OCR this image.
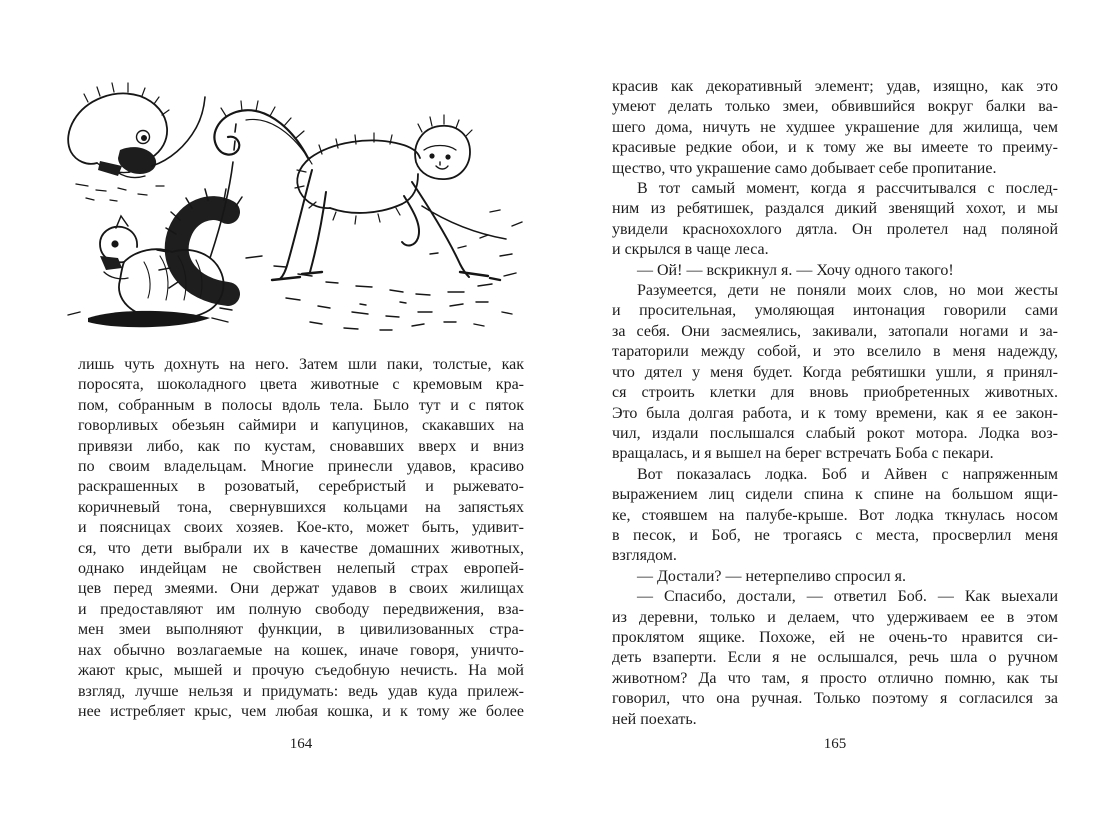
лишь чуть дохнуть на него. Затем шли паки, толстые, как
поросята, шоколадного цвета животные с кремовым кра-
пом, собранным в полосы вдоль тела. Было тут и с пяток
говорливых обезьян саймири и капуцинов, скакавших на
привязи либо, как по кустам, сновавших вверх и вниз
по своим владельцам. Многие принесли удавов, красиво
раскрашенных в розоватый, серебристый и рыжевато-
коричневый тона, свернувшихся кольцами на запястьях
и поясницах своих хозяев. Кое-кто, может быть, удивит-
ся, что дети выбрали их в качестве домашних животных,
однако индейцам не свойствен нелепый страх европей-
цев перед змеями. Они держат удавов в своих жилищах
и предоставляют им полную свободу передвижения, вза-
мен змеи выполняют функции, в цивилизованных стра-
нах обычно возлагаемые на кошек, иначе говоря, уничто-
жают крыс, мышей и прочую съедобную нечисть. На мой
взгляд, лучше нельзя и придумать: ведь удав куда прилеж-
нее истребляет крыс, чем любая кошка, и к тому же более
красив как декоративный элемент; удав, изящно, как это
умеют делать только змеи, обвившийся вокруг балки ва-
шего дома, ничуть не худшее украшение для жилища, чем
красивые редкие обои, и к тому же вы имеете то преиму-
щество, что украшение само добывает себе пропитание.
В тот самый момент, когда я рассчитывался с послед-
ним из ребятишек, раздался дикий звенящий хохот, и мы
увидели краснохохлого дятла. Он пролетел над поляной
и скрылся в чаще леса.
— Ой! — вскрикнул я. — Хочу одного такого!
Разумеется, дети не поняли моих слов, но мои жесты
и просительная, умоляющая интонация говорили сами
за себя. Они засмеялись, закивали, затопали ногами и за-
тараторили между собой, и это вселило в меня надежду,
что дятел у меня будет. Когда ребятишки ушли, я принял-
ся строить клетки для вновь приобретенных животных.
Это была долгая работа, и к тому времени, как я ее закон-
чил, издали послышался слабый рокот мотора. Лодка воз-
вращалась, и я вышел на берег встречать Боба с пекари.
Вот показалась лодка. Боб и Айвен с напряженным
выражением лиц сидели спина к спине на большом ящи-
ке, стоявшем на палубе-крыше. Вот лодка ткнулась носом
в песок, и Боб, не трогаясь с места, просверлил меня
взглядом.
— Достали? — нетерпеливо спросил я.
— Спасибо, достали, — ответил Боб. — Как выехали
из деревни, только и делаем, что удерживаем ее в этом
проклятом ящике. Похоже, ей не очень-то нравится си-
деть взаперти. Если я не ослышался, речь шла о ручном
животном? Да что там, я просто отлично помню, как ты
говорил, что она ручная. Только поэтому я согласился за
ней поехать.
164	165
